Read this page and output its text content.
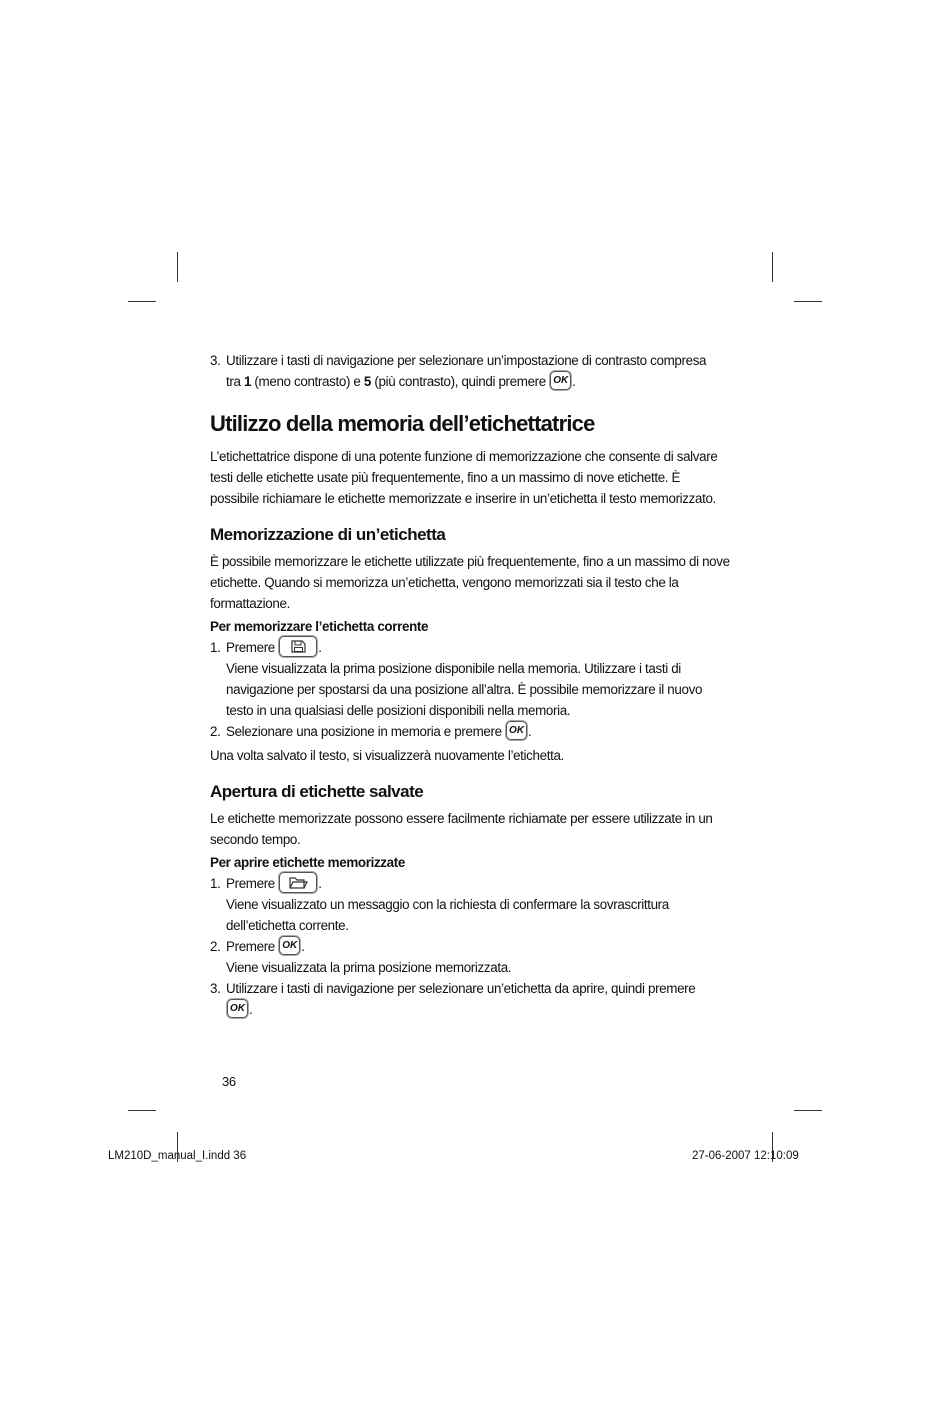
3. Utilizzare i tasti di navigazione per selezionare un’impostazione di contrasto compresa
tra 1 (meno contrasto) e 5 (più contrasto), quindi premere OK .

Utilizzo della memoria dell’etichettatrice

L’etichettatrice dispone di una potente funzione di memorizzazione che consente di salvare testi delle etichette usate più frequentemente, fino a un massimo di nove etichette. È possibile richiamare le etichette memorizzate e inserire in un’etichetta il testo memorizzato.

Memorizzazione di un’etichetta

È possibile memorizzare le etichette utilizzate più frequentemente, fino a un massimo di nove etichette. Quando si memorizza un’etichetta, vengono memorizzati sia il testo che la formattazione.

Per memorizzare l’etichetta corrente

1. Premere	.

Viene visualizzata la prima posizione disponibile nella memoria. Utilizzare i tasti di navigazione per spostarsi da una posizione all’altra. È possibile memorizzare il nuovo testo in una qualsiasi delle posizioni disponibili nella memoria.

2. Selezionare una posizione in memoria e premere OK .

Una volta salvato il testo, si visualizzerà nuovamente l’etichetta.

Apertura di etichette salvate

Le etichette memorizzate possono essere facilmente richiamate per essere utilizzate in un secondo tempo.

Per aprire etichette memorizzate

1. Premere	.

Viene visualizzato un messaggio con la richiesta di confermare la sovrascrittura dell’etichetta corrente.

2. Premere OK .

Viene visualizzata la prima posizione memorizzata.

3. Utilizzare i tasti di navigazione per selezionare un’etichetta da aprire, quindi premere
OK .

36
LM210D_manual_I.indd 36	27-06-2007 12:10:09
